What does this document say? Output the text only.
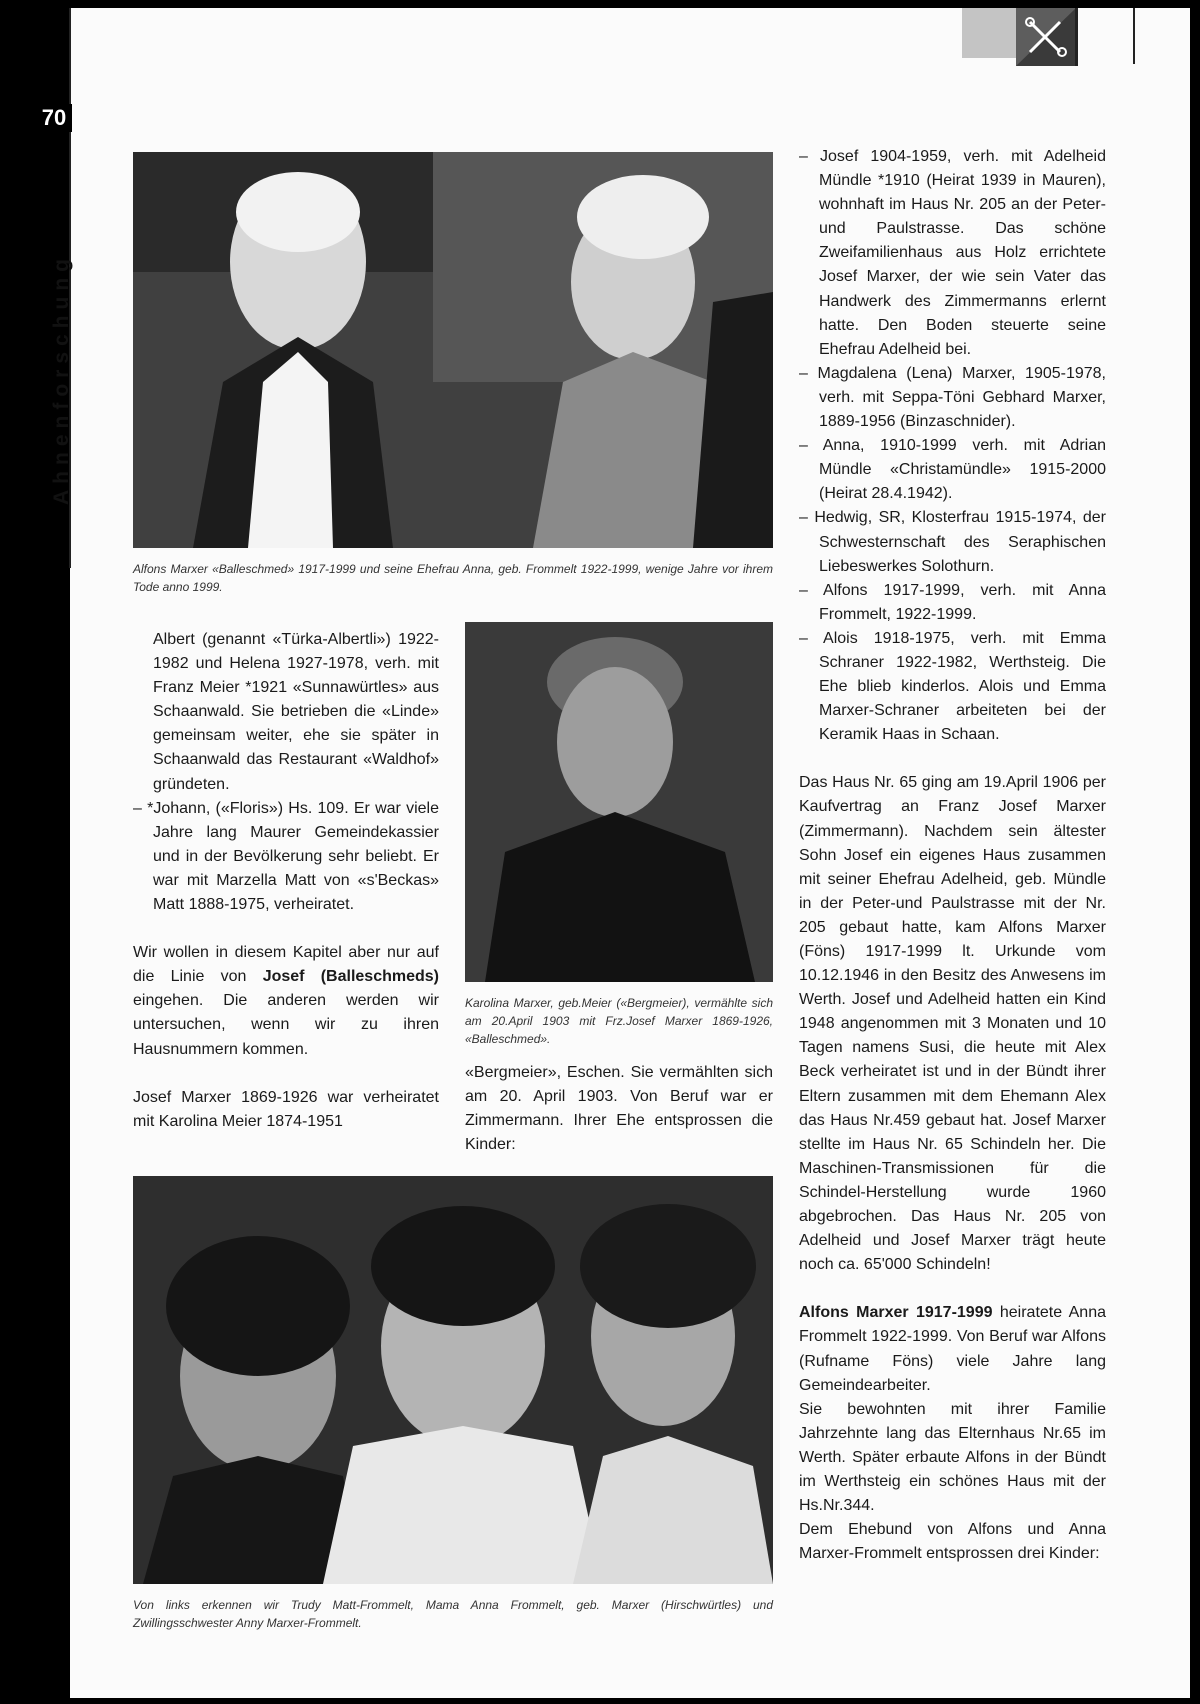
70
Ahnenforschung
Alfons Marxer «Balleschmed» 1917-1999 und seine Ehefrau Anna, geb. Frommelt 1922-1999, wenige Jahre vor ihrem Tode anno 1999.
Karolina Marxer, geb.Meier («Bergmeier), vermählte sich am 20.April 1903 mit Frz.Josef Marxer 1869-1926, «Balleschmed».
Von links erkennen wir Trudy Matt-Frommelt, Mama Anna Frommelt, geb. Marxer (Hirschwürtles) und Zwillingsschwester Anny Marxer-Frommelt.

Albert (genannt «Türka-Albertli») 1922-1982 und Helena 1927-1978, verh. mit Franz Meier *1921 «Sunnawürtles» aus Schaanwald. Sie betrieben die «Linde» gemeinsam weiter, ehe sie später in Schaanwald das Restaurant «Waldhof» gründeten.

– *Johann, («Floris») Hs. 109. Er war viele Jahre lang Maurer Gemeindekassier und in der Bevölkerung sehr beliebt. Er war mit Marzella Matt von «s'Beckas» Matt 1888-1975, verheiratet.

Wir wollen in diesem Kapitel aber nur auf die Linie von Josef (Balleschmeds) eingehen. Die anderen werden wir untersuchen, wenn wir zu ihren Hausnummern kommen.

Josef Marxer 1869-1926 war verheiratet mit Karolina Meier 1874-1951

«Bergmeier», Eschen. Sie vermählten sich am 20. April 1903. Von Beruf war er Zimmermann. Ihrer Ehe entsprossen die Kinder:

– Josef 1904-1959, verh. mit Adelheid Mündle *1910 (Heirat 1939 in Mauren), wohnhaft im Haus Nr. 205 an der Peter-und Paulstrasse. Das schöne Zweifamilienhaus aus Holz errichtete Josef Marxer, der wie sein Vater das Handwerk des Zimmermanns erlernt hatte. Den Boden steuerte seine Ehefrau Adelheid bei.

– Magdalena (Lena) Marxer, 1905-1978, verh. mit Seppa-Töni Gebhard Marxer, 1889-1956 (Binzaschnider).

– Anna, 1910-1999 verh. mit Adrian Mündle «Christamündle» 1915-2000 (Heirat 28.4.1942).

– Hedwig, SR, Klosterfrau 1915-1974, der Schwesternschaft des Seraphischen Liebeswerkes Solothurn.

– Alfons 1917-1999, verh. mit Anna Frommelt, 1922-1999.

– Alois 1918-1975, verh. mit Emma Schraner 1922-1982, Werthsteig. Die Ehe blieb kinderlos. Alois und Emma Marxer-Schraner arbeiteten bei der Keramik Haas in Schaan.

Das Haus Nr. 65 ging am 19.April 1906 per Kaufvertrag an Franz Josef Marxer (Zimmermann). Nachdem sein ältester Sohn Josef ein eigenes Haus zusammen mit seiner Ehefrau Adelheid, geb. Mündle in der Peter-und Paulstrasse mit der Nr. 205 gebaut hatte, kam Alfons Marxer (Föns) 1917-1999 lt. Urkunde vom 10.12.1946 in den Besitz des Anwesens im Werth. Josef und Adelheid hatten ein Kind 1948 angenommen mit 3 Monaten und 10 Tagen namens Susi, die heute mit Alex Beck verheiratet ist und in der Bündt ihrer Eltern zusammen mit dem Ehemann Alex das Haus Nr.459 gebaut hat. Josef Marxer stellte im Haus Nr. 65 Schindeln her. Die Maschinen-Transmissionen für die Schindel-Herstellung wurde 1960 abgebrochen. Das Haus Nr. 205 von Adelheid und Josef Marxer trägt heute noch ca. 65'000 Schindeln!

Alfons Marxer 1917-1999 heiratete Anna Frommelt 1922-1999. Von Beruf war Alfons (Rufname Föns) viele Jahre lang Gemeindearbeiter.

Sie bewohnten mit ihrer Familie Jahrzehnte lang das Elternhaus Nr.65 im Werth. Später erbaute Alfons in der Bündt im Werthsteig ein schönes Haus mit der Hs.Nr.344.

Dem Ehebund von Alfons und Anna Marxer-Frommelt entsprossen drei Kinder:
